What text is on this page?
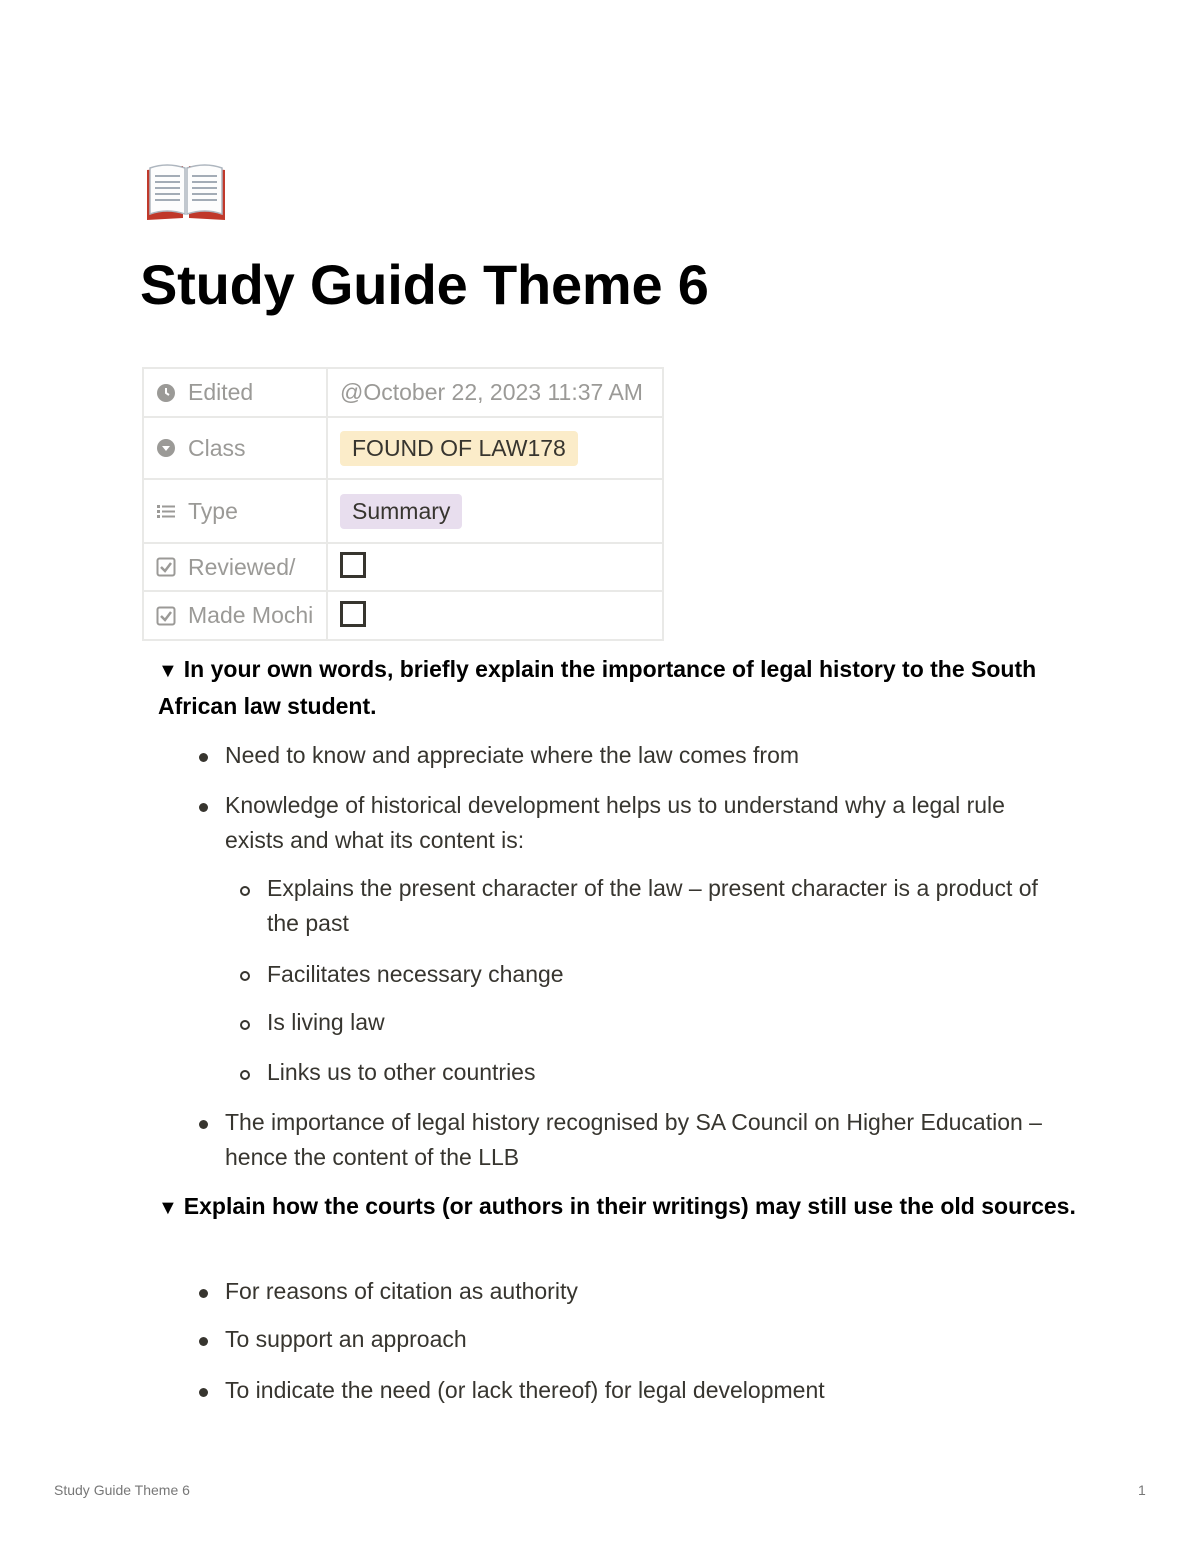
Study Guide Theme 6
Edited	@October 22, 2023 11:37 AM

Class	FOUND OF LAW178

Type	Summary

Reviewed/	

Made Mochi	

▼ In your own words, briefly explain the importance of legal history to the South African law student.
Need to know and appreciate where the law comes from
Knowledge of historical development helps us to understand why a legal rule exists and what its content is:
Explains the present character of the law – present character is a product of the past
Facilitates necessary change
Is living law
Links us to other countries
The importance of legal history recognised by SA Council on Higher Education – hence the content of the LLB
▼ Explain how the courts (or authors in their writings) may still use the old sources.
For reasons of citation as authority
To support an approach
To indicate the need (or lack thereof) for legal development
Study Guide Theme 6	1
